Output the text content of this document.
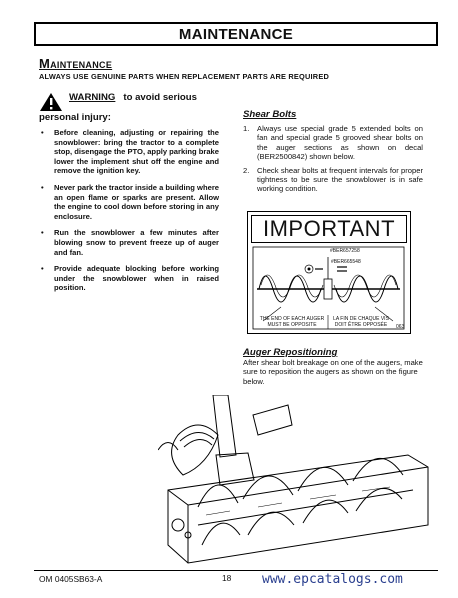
MAINTENANCE
Maintenance
ALWAYS USE GENUINE PARTS WHEN REPLACEMENT PARTS ARE REQUIRED
WARNING to avoid serious
personal injury:
• Before cleaning, adjusting or repairing the snowblower: bring the tractor to a complete stop, disengage the PTO, apply parking brake lower the implement shut off the engine and remove the ignition key.
• Never park the tractor inside a building where an open flame or sparks are present. Allow the engine to cool down before storing in any enclosure.
• Run the snowblower a few minutes after blowing snow to prevent freeze up of auger and fan.
• Provide adequate blocking before working under the snowblower when in raised position.
Shear Bolts
1. Always use special grade 5 extended bolts on fan and special grade 5 grooved shear bolts on the auger sections as shown on decal (BER2500842) shown below.
2. Check shear bolts at frequent intervals for proper tightness to be sure the snowblower is in safe working condition.
IMPORTANT
#BER657258
#BER665548
THE END OF EACH AUGER MUST BE OPPOSITE
LA FIN DE CHAQUE VIS DOIT ÊTRE OPPOSÉE	063
Auger Repositioning
After shear bolt breakage on one of the augers, make sure to reposition the augers as shown on the figure below.
OM 0405SB63-A	18 www.epcatalogs.com
